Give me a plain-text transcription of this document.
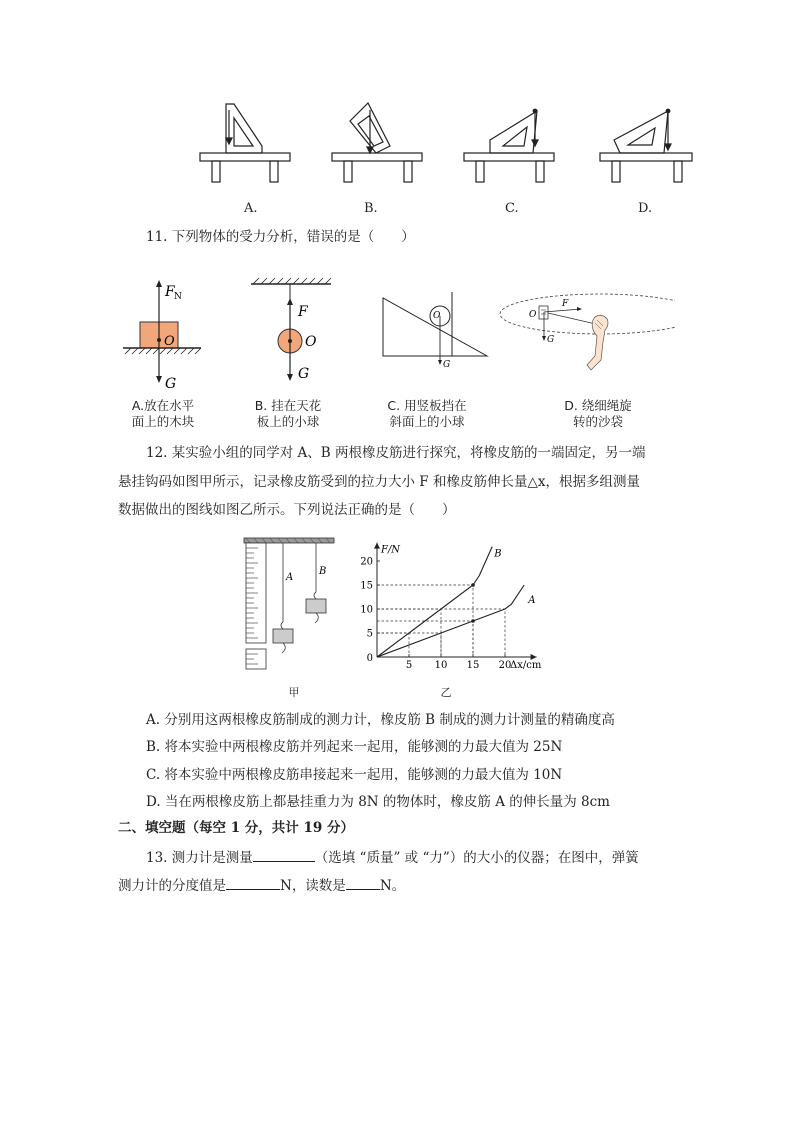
A.	B.	C.	D.
11. 下列物体的受力分析，错误的是（　　）
F N
O
G
F
O
G
O
G
O
F
G
A.放在水平
面上的木块
B. 挂在天花
板上的小球
C. 用竖板挡在
斜面上的小球
D. 绕细绳旋
转的沙袋
12. 某实验小组的同学对 A、B 两根橡皮筋进行探究，将橡皮筋的一端固定，另一端
悬挂钩码如图甲所示，记录橡皮筋受到的拉力大小 F 和橡皮筋伸长量△x，根据多组测量
数据做出的图线如图乙所示。下列说法正确的是（　　）
A
B
甲
5 10 15 20
5
10
15
20
0
F/N
Δx/cm
B
A
乙
A. 分别用这两根橡皮筋制成的测力计，橡皮筋 B 制成的测力计测量的精确度高
B. 将本实验中两根橡皮筋并列起来一起用，能够测的力最大值为 25N
C. 将本实验中两根橡皮筋串接起来一起用，能够测的力最大值为 10N
D. 当在两根橡皮筋上都悬挂重力为 8N 的物体时，橡皮筋 A 的伸长量为 8cm
二、填空题（每空 1 分，共计 19 分）
13. 测力计是测量	（选填 “质量” 或 “力”）的大小的仪器；在图中，弹簧
测力计的分度值是	N，读数是	N。
